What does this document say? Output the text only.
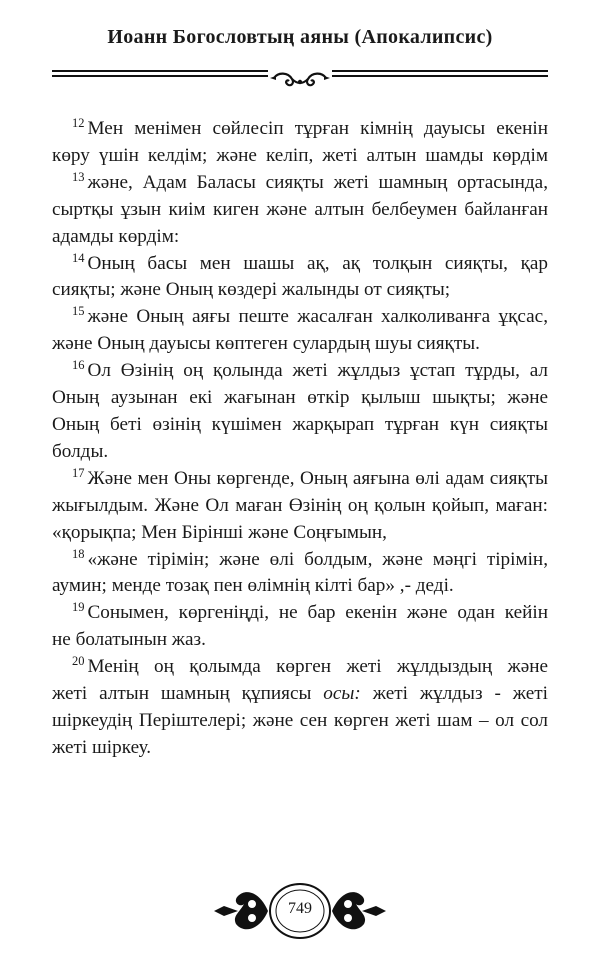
Иоанн Богословтың аяны (Апокалипсис)
$^{12}$ Мен менімен сөйлесіп тұрған кімнің дауысы екенін
көру үшін келдім; және келіп, жеті алтын шамды көрдім
$^{13}$ және, Адам Баласы сияқты жеті шамның ортасында,
сыртқы ұзын киім киген және алтын белбеумен байланған
адамды көрдім:
$^{14}$ Оның басы мен шашы ақ, ақ толқын сияқты, қар
сияқты; және Оның көздері жалынды от сияқты;
$^{15}$ және Оның аяғы пеште жасалған халколиванға ұқсас,
және Оның дауысы көптеген сулардың шуы сияқты.
$^{16}$ Ол Өзінің оң қолында жеті жұлдыз ұстап тұрды, ал
Оның аузынан екі жағынан өткір қылыш шықты; және
Оның беті өзінің күшімен жарқырап тұрған күн сияқты
болды.
$^{17}$ Және мен Оны көргенде, Оның аяғына өлі адам сияқты
жығылдым. Және Ол маған Өзінің оң қолын қойып, маған:
«қорықпа; Мен Бірінші және Соңғымын,
$^{18}$ «және тірімін; және өлі болдым, және мәңгі тірімін,
аумин; менде тозақ пен өлімнің кілті бар» ,- деді.
$^{19}$ Сонымен, көргеніңді, не бар екенін және одан кейін
не болатынын жаз.
$^{20}$ Менің оң қолымда көрген жеті жұлдыздың және
жеті алтын шамның құпиясы осы: жеті жұлдыз - жеті
шіркеудің Періштелері; және сен көрген жеті шам – ол сол
жеті шіркеу.
749
